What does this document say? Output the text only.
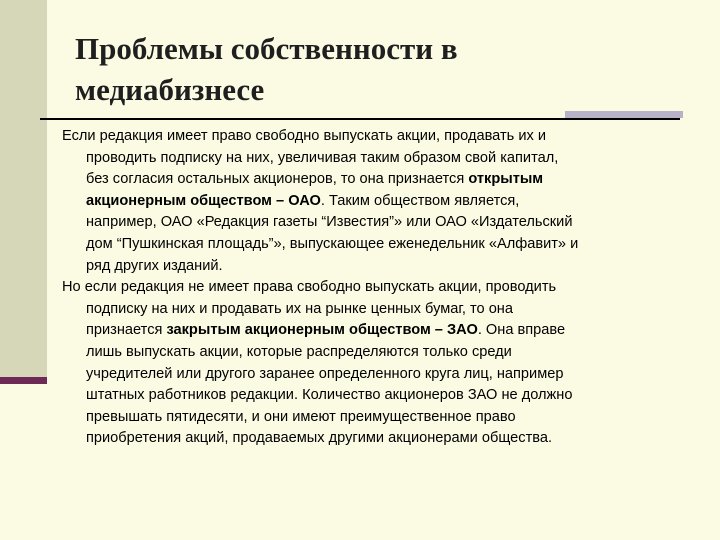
Проблемы собственности в
медиабизнесе
Если редакция имеет право свободно выпускать акции, продавать их и
проводить подписку на них, увеличивая таким образом свой капитал,
без согласия остальных акционеров, то она признается открытым
акционерным обществом – ОАО. Таким обществом является,
например, ОАО «Редакция газеты “Известия”» или ОАО «Издательский
дом “Пушкинская площадь”», выпускающее еженедельник «Алфавит» и
ряд других изданий.
Но если редакция не имеет права свободно выпускать акции, проводить
подписку на них и продавать их на рынке ценных бумаг, то она
признается закрытым акционерным обществом – ЗАО. Она вправе
лишь выпускать акции, которые распределяются только среди
учредителей или другого заранее определенного круга лиц, например
штатных работников редакции. Количество акционеров ЗАО не должно
превышать пятидесяти, и они имеют преимущественное право
приобретения акций, продаваемых другими акционерами общества.
